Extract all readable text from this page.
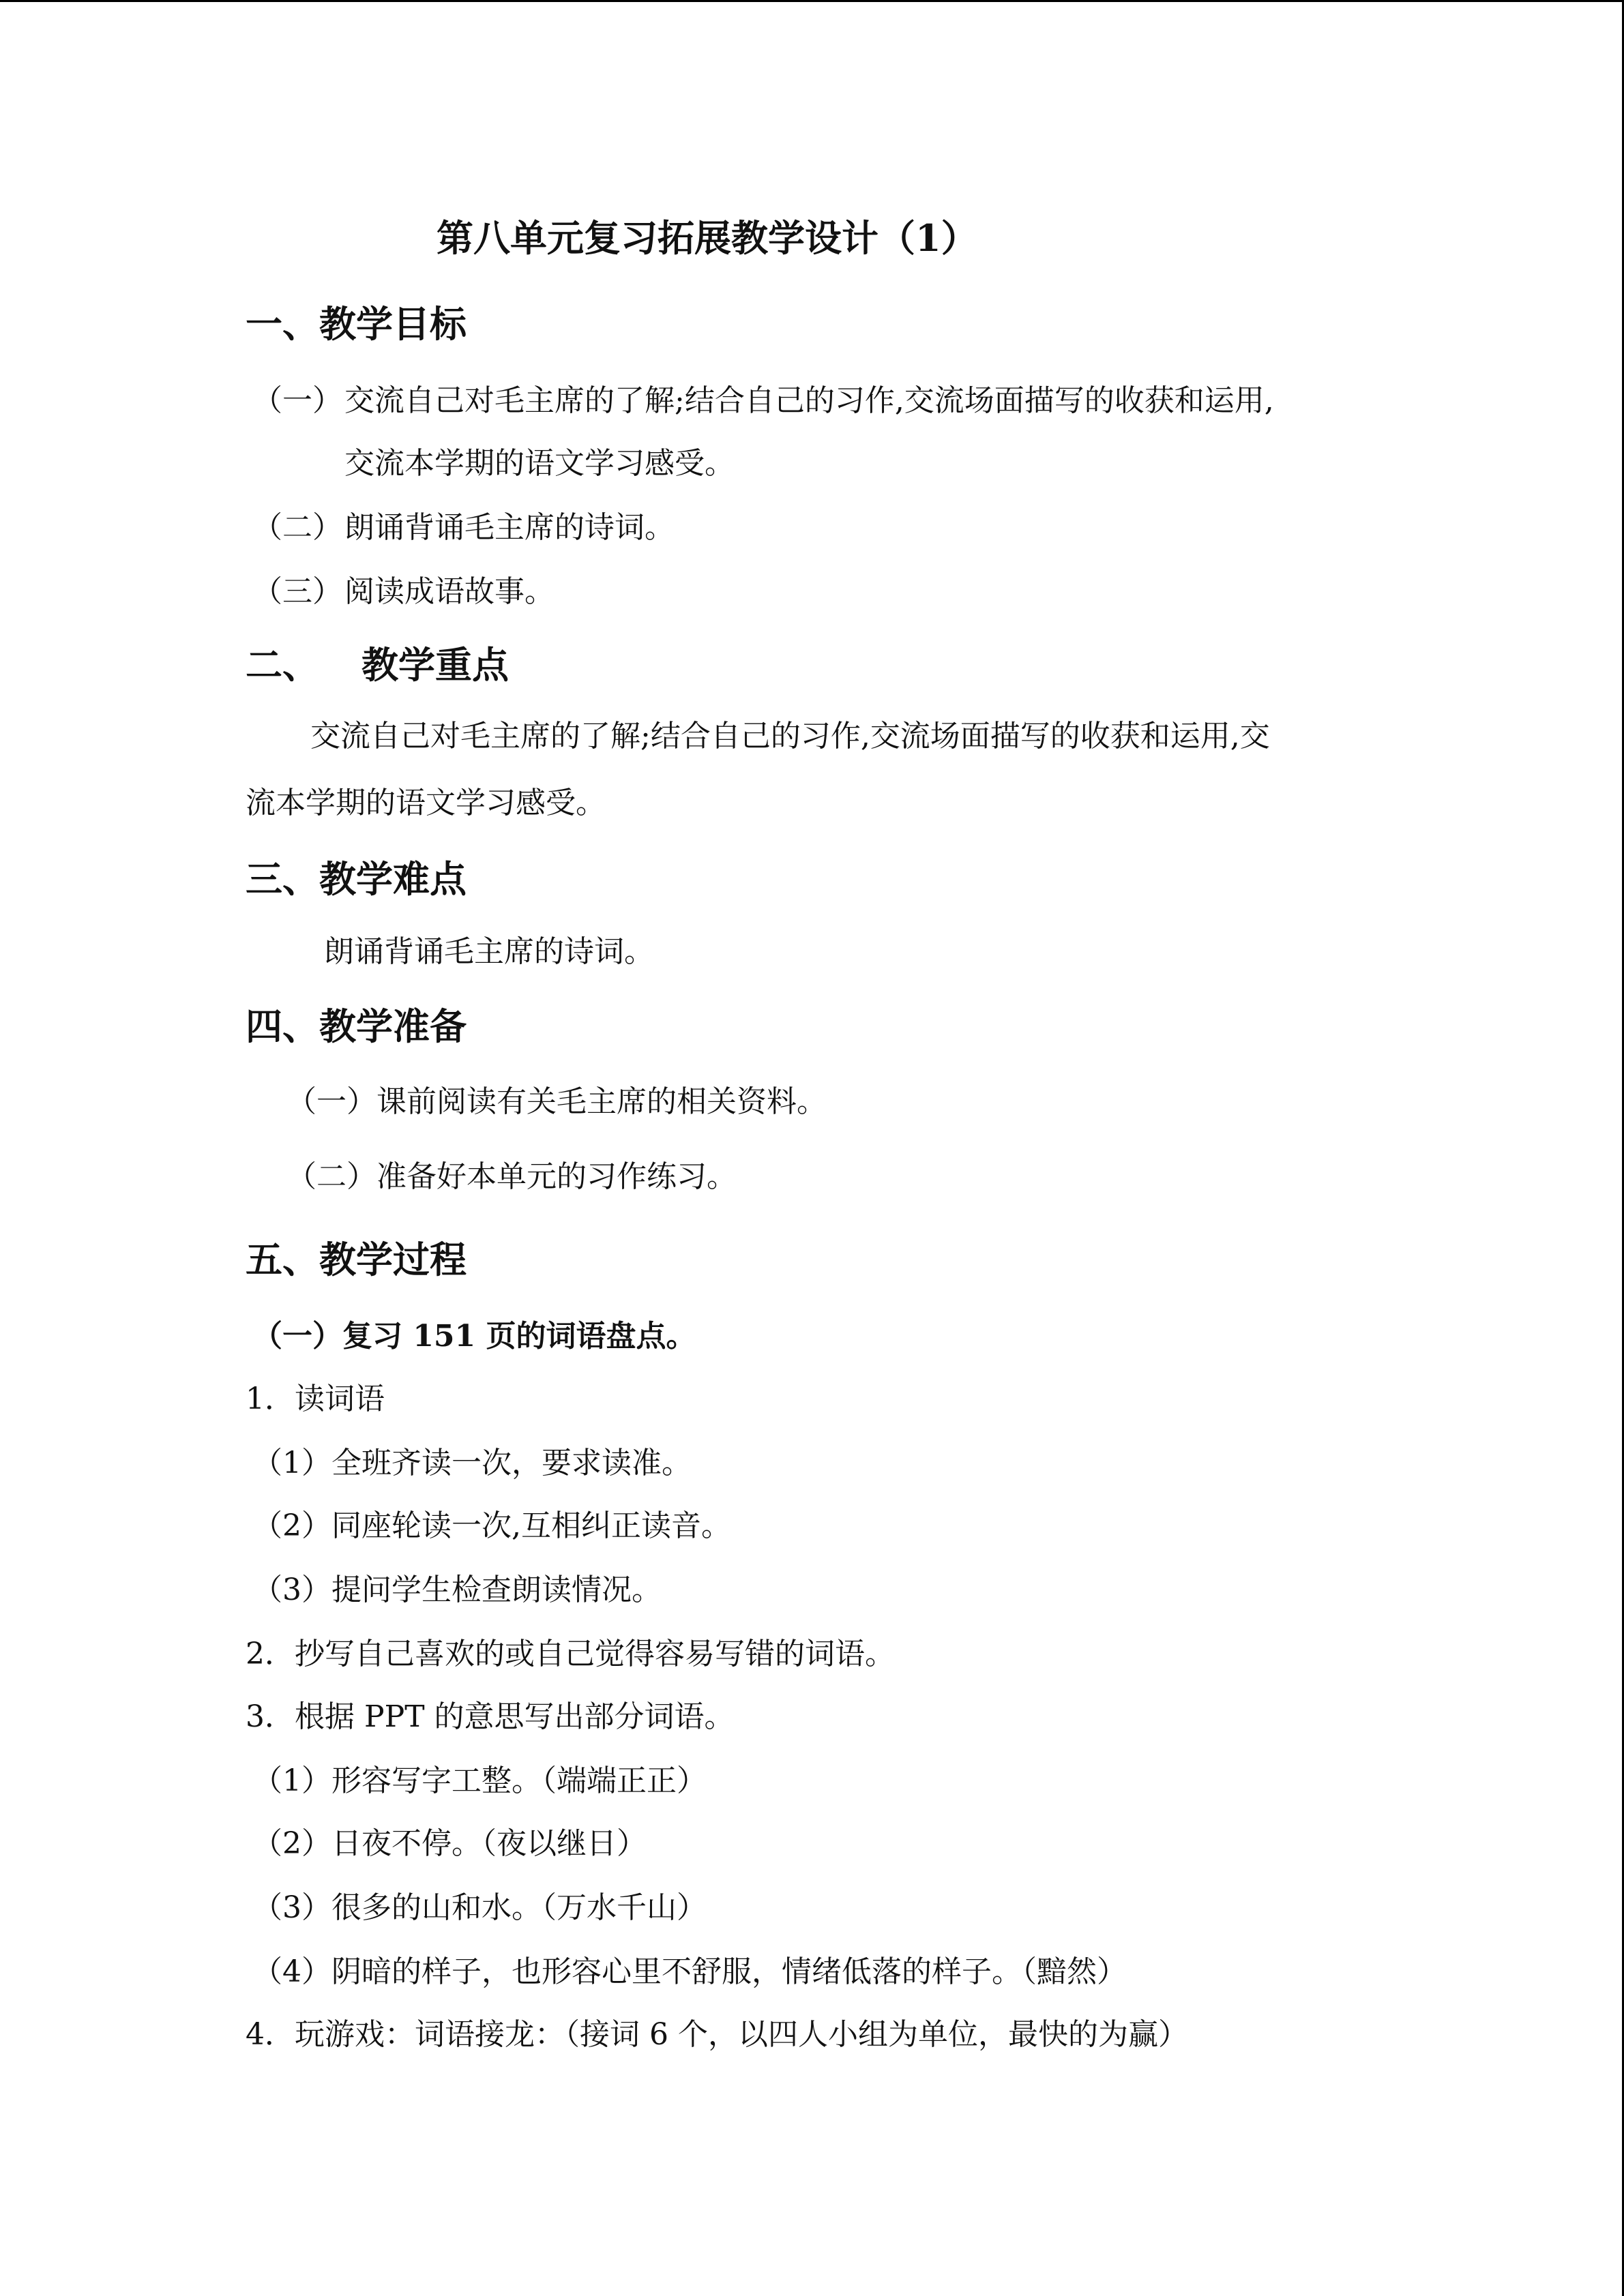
第八单元复习拓展教学设计（1）
一、教学目标
（一） 交流自己对毛主席的了解;结合自己的习作,交流场面描写的收获和运用,
交流本学期的语文学习感受。
（二） 朗诵背诵毛主席的诗词。
（三） 阅读成语故事。
二、 教学重点
交流自己对毛主席的了解;结合自己的习作,交流场面描写的收获和运用,交
流本学期的语文学习感受。
三、教学难点
朗诵背诵毛主席的诗词。
四、教学准备
（一）课前阅读有关毛主席的相关资料。
（二）准备好本单元的习作练习。
五、教学过程
（一）复习 151 页的词语盘点。
1．读词语
（1）全班齐读一次，要求读准。
（2）同座轮读一次,互相纠正读音。
（3）提问学生检查朗读情况。
2．抄写自己喜欢的或自己觉得容易写错的词语。
3．根据 PPT 的意思写出部分词语。
（1）形容写字工整。（端端正正）
（2）日夜不停。（夜以继日）
（3）很多的山和水。（万水千山）
（4）阴暗的样子，也形容心里不舒服，情绪低落的样子。（黯然）
4．玩游戏：词语接龙：（接词 6 个，以四人小组为单位，最快的为赢）
